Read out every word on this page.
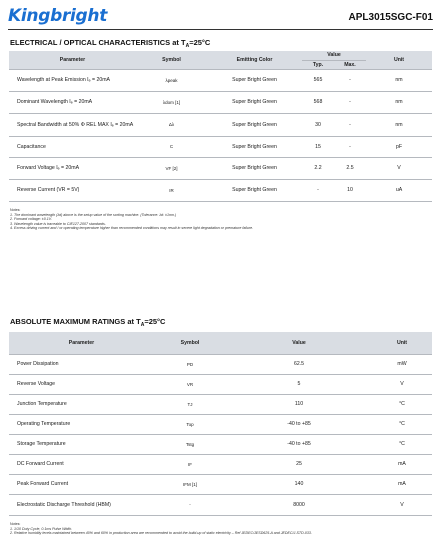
Kingbright	APL3015SGC-F01
ELECTRICAL / OPTICAL CHARACTERISTICS at $T_A=25^\circ C$
Parameter	Symbol	Emitting Color	Value		Unit
			Typ.	Max.	
Wavelength at Peak Emission Iₑ = 20mA	λpeak	Super Bright Green	565	-	nm
Dominant Wavelength Iₑ = 20mA	λdom [1]	Super Bright Green	568	-	nm
Spectral Bandwidth at 50% Φ REL MAX Iₑ = 20mA	Δλ	Super Bright Green	30	-	nm
Capacitance	C	Super Bright Green	15	-	pF
Forward Voltage Iₑ = 20mA	VF [2]	Super Bright Green	2.2	2.5	V
Reverse Current (VR = 5V)	IR	Super Bright Green	-	10	uA
Notes:
1. The dominant wavelength (λd) above is the setup value of the sorting machine. (Tolerance: λd: ±1nm.)
2. Forward voltage: ±0.1V.
3. Wavelength value is traceable to CIE127-2007 standards.
4. Excess driving current and / or operating temperature higher than recommended conditions may result in severe light degradation or premature failure.
ABSOLUTE MAXIMUM RATINGS at $T_A=25^\circ C$
Parameter	Symbol	Value	Unit
Power Dissipation	PD	62.5	mW
Reverse Voltage	VR	5	V
Junction Temperature	TJ	110	°C
Operating Temperature	Top	-40 to +85	°C
Storage Temperature	Tstg	-40 to +85	°C
DC Forward Current	IF	25	mA
Peak Forward Current	IFM [1]	140	mA
Electrostatic Discharge Threshold (HBM)	-	8000	V
Notes:
1. 1/10 Duty Cycle, 0.1ms Pulse Width.
2. Relative humidity levels maintained between 40% and 60% in production area are recommended to avoid the build-up of static electricity – Ref JEDEC/JESD625-A and JEDEC/J-STD-033.
